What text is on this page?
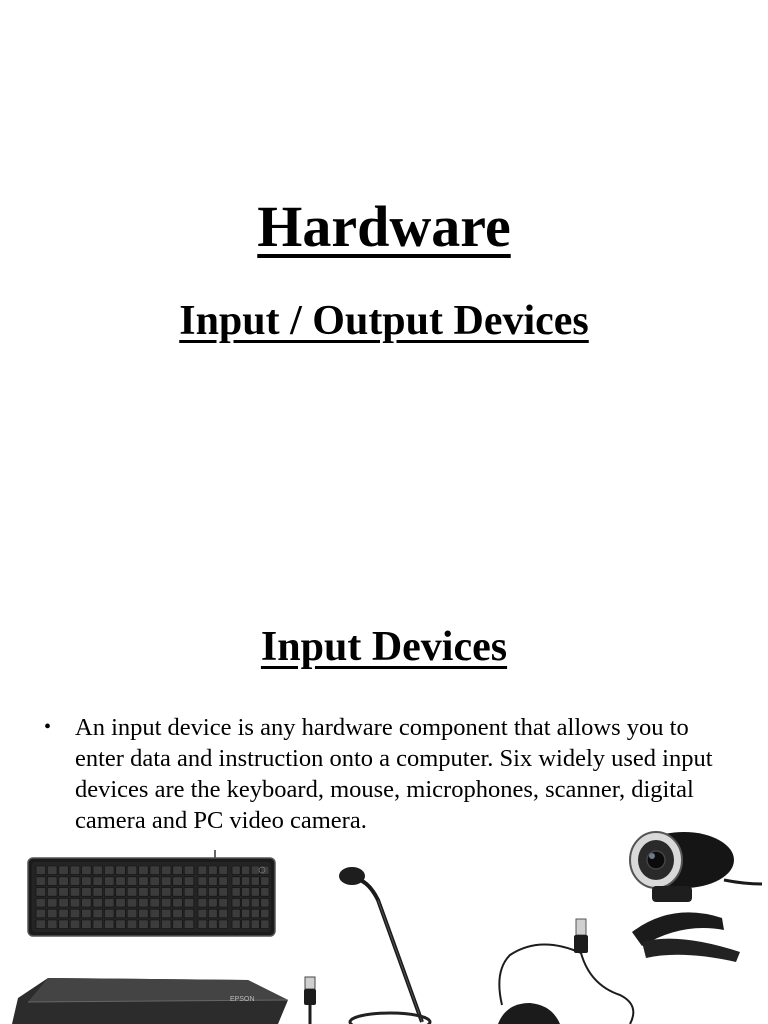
Hardware
Input / Output Devices
Input Devices
• An input device is any hardware component that allows you to enter data and instruction onto a computer. Six widely used input devices are the keyboard, mouse, microphones, scanner, digital camera and PC video camera.
EPSON
